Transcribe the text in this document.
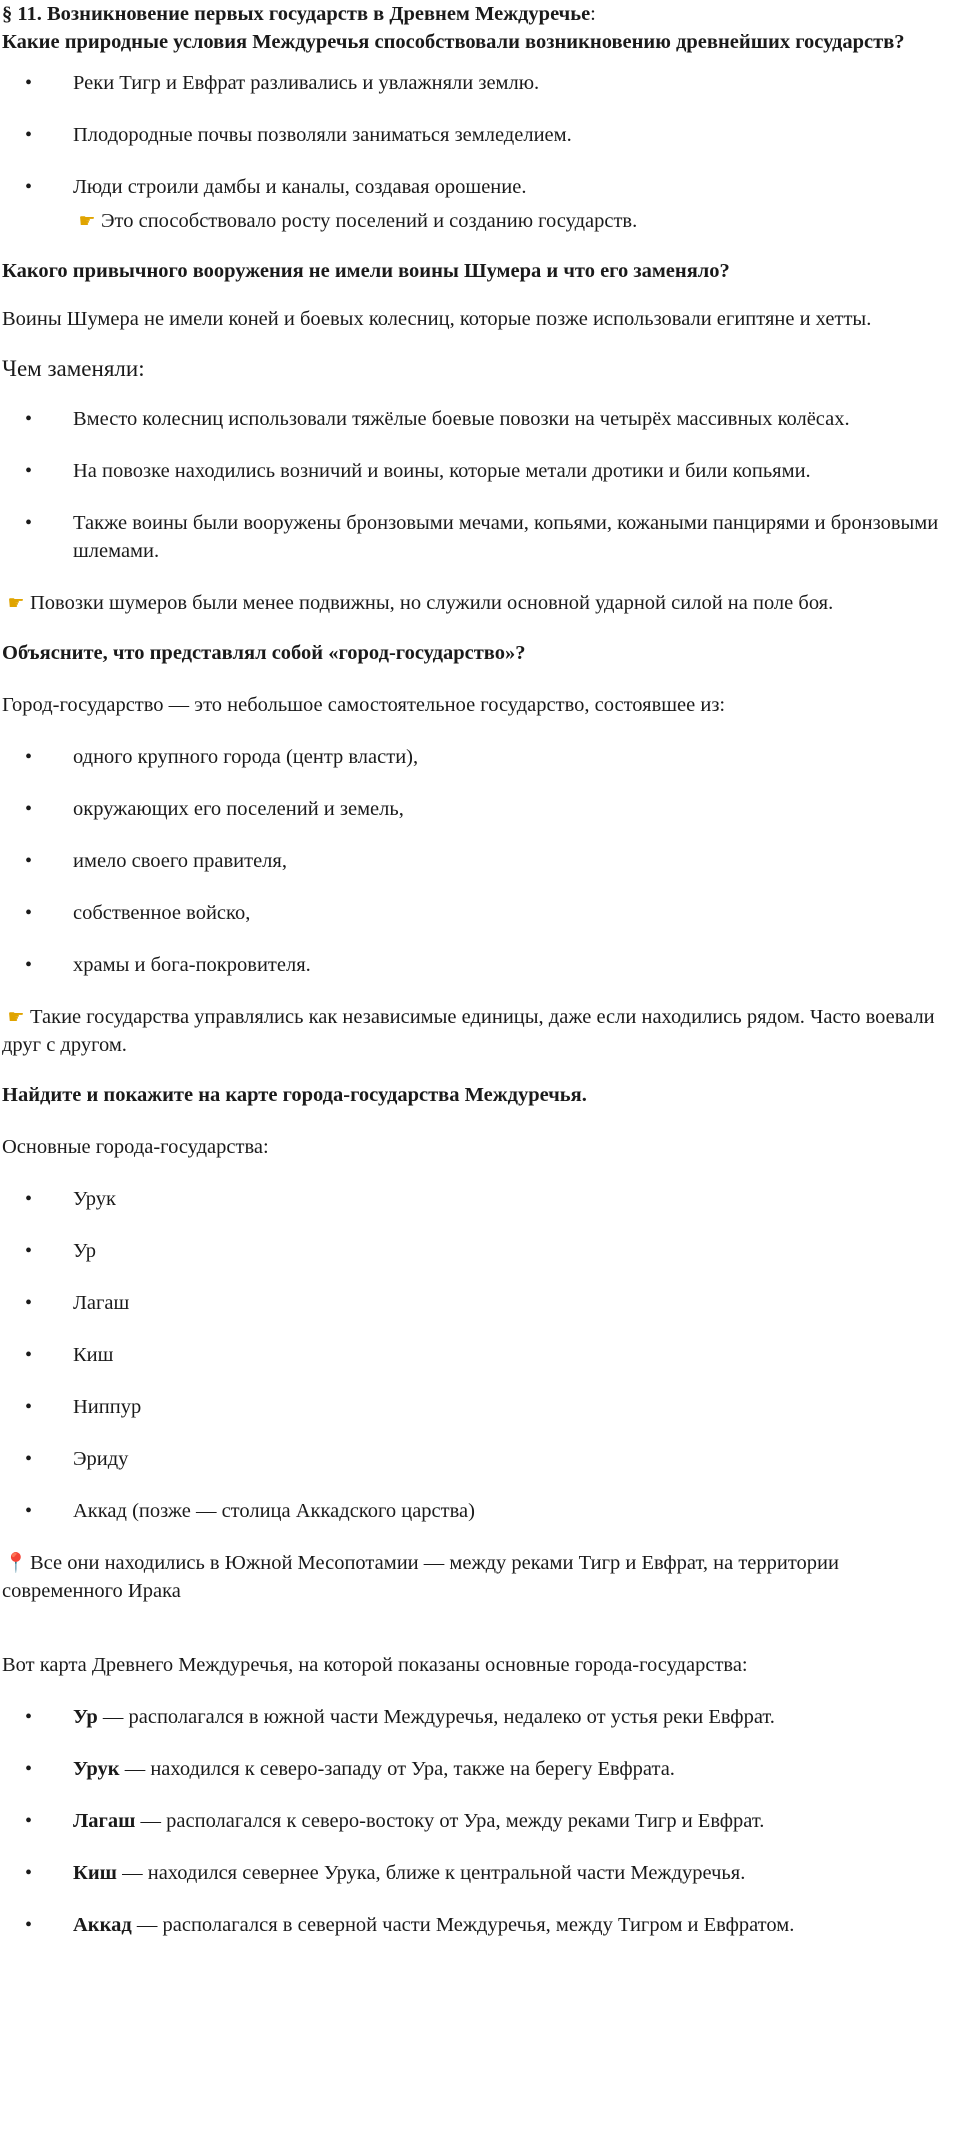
§ 11. Возникновение первых государств в Древнем Междуречье:

Какие природные условия Междуречья способствовали возникновению древнейших государств?

• Реки Тигр и Евфрат разливались и увлажняли землю.
• Плодородные почвы позволяли заниматься земледелием.
• Люди строили дамбы и каналы, создавая орошение.
☛ Это способствовало росту поселений и созданию государств.

Какого привычного вооружения не имели воины Шумера и что его заменяло?

Воины Шумера не имели коней и боевых колесниц, которые позже использовали египтяне и хетты.

Чем заменяли:

• Вместо колесниц использовали тяжёлые боевые повозки на четырёх массивных колёсах.
• На повозке находились возничий и воины, которые метали дротики и били копьями.
• Также воины были вооружены бронзовыми мечами, копьями, кожаными панцирями и бронзовыми шлемами.

☛ Повозки шумеров были менее подвижны, но служили основной ударной силой на поле боя.

Объясните, что представлял собой «город-государство»?

Город-государство — это небольшое самостоятельное государство, состоявшее из:

• одного крупного города (центр власти),
• окружающих его поселений и земель,
• имело своего правителя,
• собственное войско,
• храмы и бога-покровителя.

☛ Такие государства управлялись как независимые единицы, даже если находились рядом. Часто воевали друг с другом.

Найдите и покажите на карте города-государства Междуречья.

Основные города-государства:

• Урук
• Ур
• Лагаш
• Киш
• Ниппур
• Эриду
• Аккад (позже — столица Аккадского царства)

📍 Все они находились в Южной Месопотамии — между реками Тигр и Евфрат, на территории современного Ирака

Вот карта Древнего Междуречья, на которой показаны основные города-государства:

• Ур — располагался в южной части Междуречья, недалеко от устья реки Евфрат.
• Урук — находился к северо-западу от Ура, также на берегу Евфрата.
• Лагаш — располагался к северо-востоку от Ура, между реками Тигр и Евфрат.
• Киш — находился севернее Урука, ближе к центральной части Междуречья.
• Аккад — располагался в северной части Междуречья, между Тигром и Евфратом.
